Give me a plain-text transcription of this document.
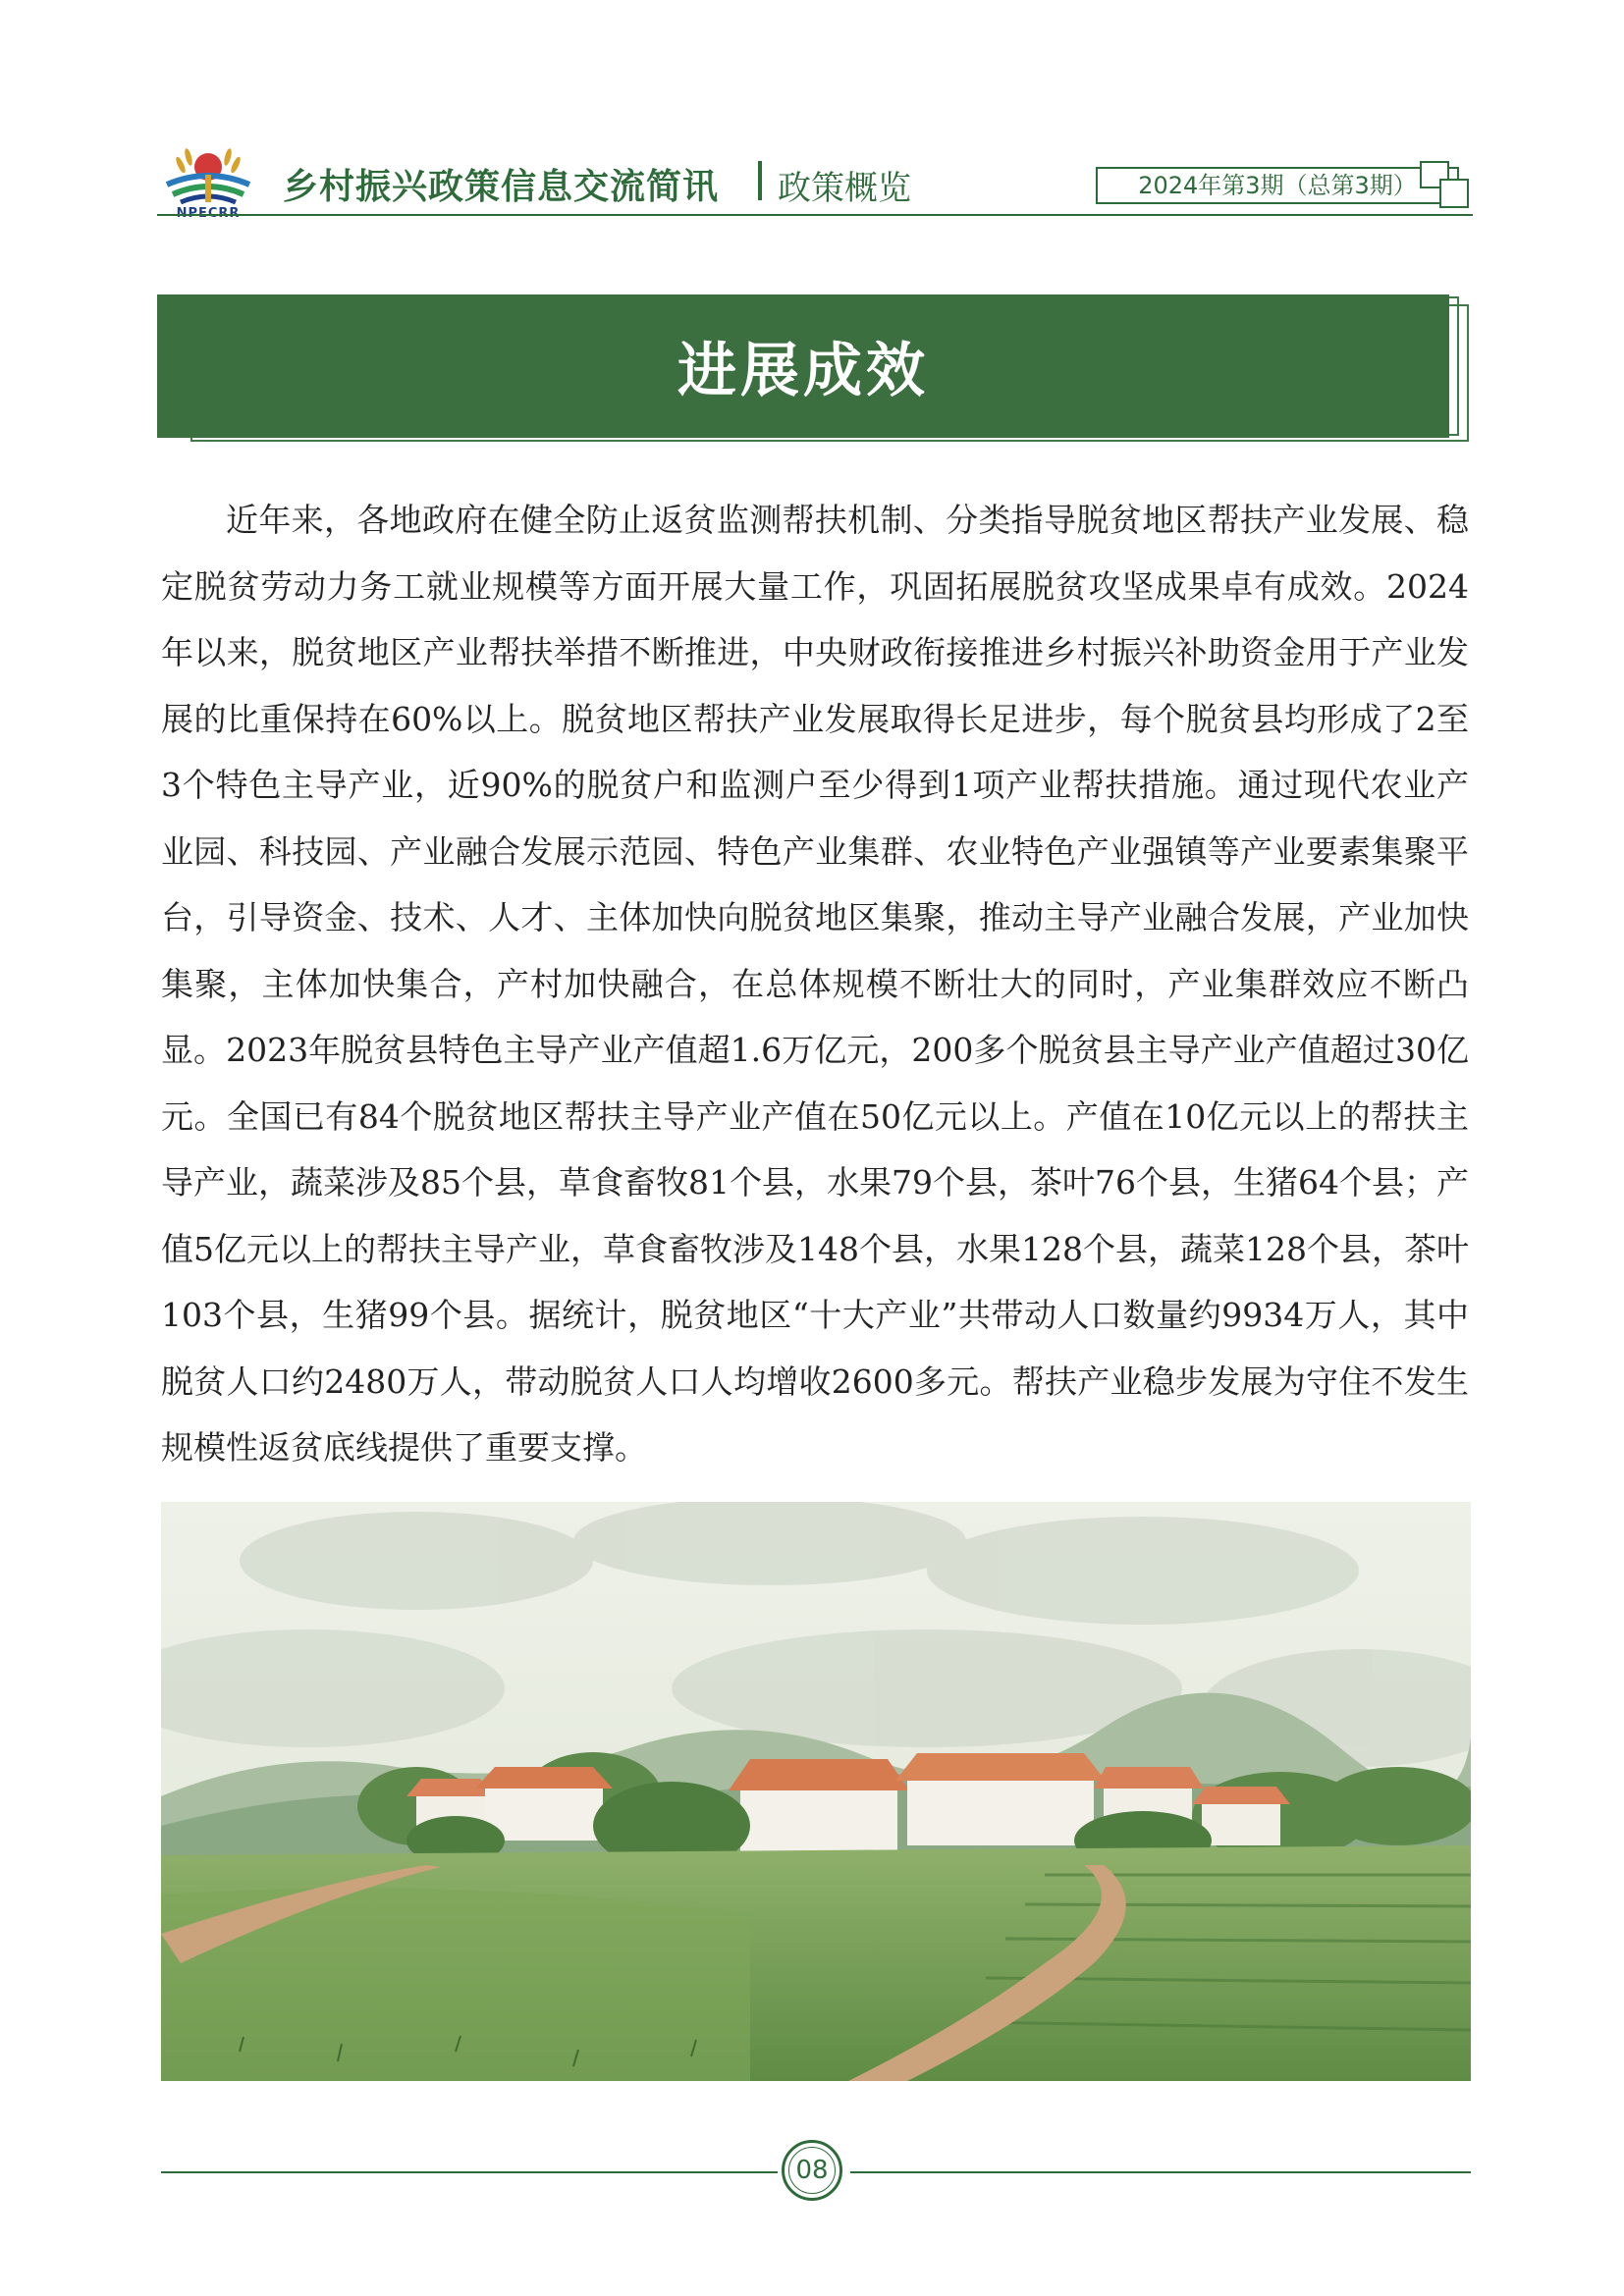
乡村振兴政策信息交流简讯 政策概览	2024年第3期（总第3期）
进展成效

近年来，各地政府在健全防止返贫监测帮扶机制、分类指导脱贫地区帮扶产业发展、稳定脱贫劳动力务工就业规模等方面开展大量工作，巩固拓展脱贫攻坚成果卓有成效。2024年以来，脱贫地区产业帮扶举措不断推进，中央财政衔接推进乡村振兴补助资金用于产业发展的比重保持在60%以上。脱贫地区帮扶产业发展取得长足进步，每个脱贫县均形成了2至3个特色主导产业，近90%的脱贫户和监测户至少得到1项产业帮扶措施。通过现代农业产业园、科技园、产业融合发展示范园、特色产业集群、农业特色产业强镇等产业要素集聚平台，引导资金、技术、人才、主体加快向脱贫地区集聚，推动主导产业融合发展，产业加快集聚，主体加快集合，产村加快融合，在总体规模不断壮大的同时，产业集群效应不断凸显。2023年脱贫县特色主导产业产值超1.6万亿元，200多个脱贫县主导产业产值超过30亿元。全国已有84个脱贫地区帮扶主导产业产值在50亿元以上。产值在10亿元以上的帮扶主导产业，蔬菜涉及85个县，草食畜牧81个县，水果79个县，茶叶76个县，生猪64个县；产值5亿元以上的帮扶主导产业，草食畜牧涉及148个县，水果128个县，蔬菜128个县，茶叶103个县，生猪99个县。据统计，脱贫地区“十大产业”共带动人口数量约9934万人，其中脱贫人口约2480万人，带动脱贫人口人均增收2600多元。帮扶产业稳步发展为守住不发生规模性返贫底线提供了重要支撑。

08
